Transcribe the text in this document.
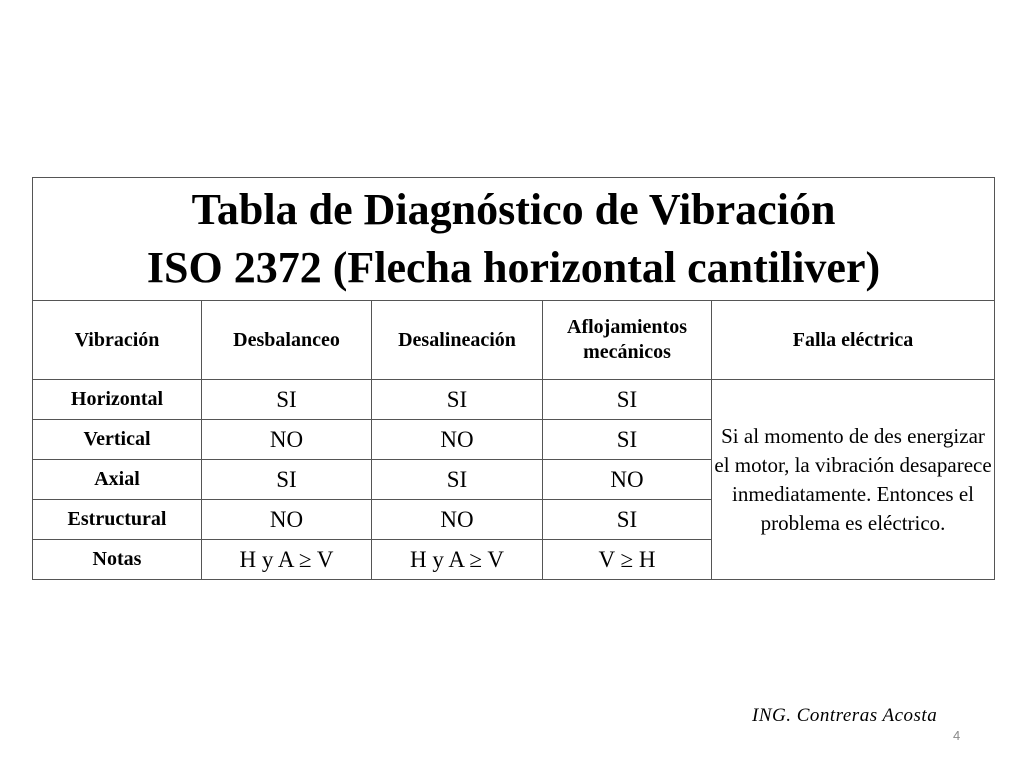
Tabla de Diagnóstico de Vibración
ISO 2372 (Flecha horizontal cantiliver)				

Vibración	Desbalanceo	Desalineación	Aflojamientos mecánicos	Falla eléctrica
Horizontal	SI	SI	SI	Si al momento de des energizar el motor, la vibración desaparece inmediatamente. Entonces el problema es eléctrico.
Vertical	NO	NO	SI	
Axial	SI	SI	NO	
Estructural	NO	NO	SI	
Notas	H y A ≥ V	H y A ≥ V	V ≥ H	
ING. Contreras Acosta
4
